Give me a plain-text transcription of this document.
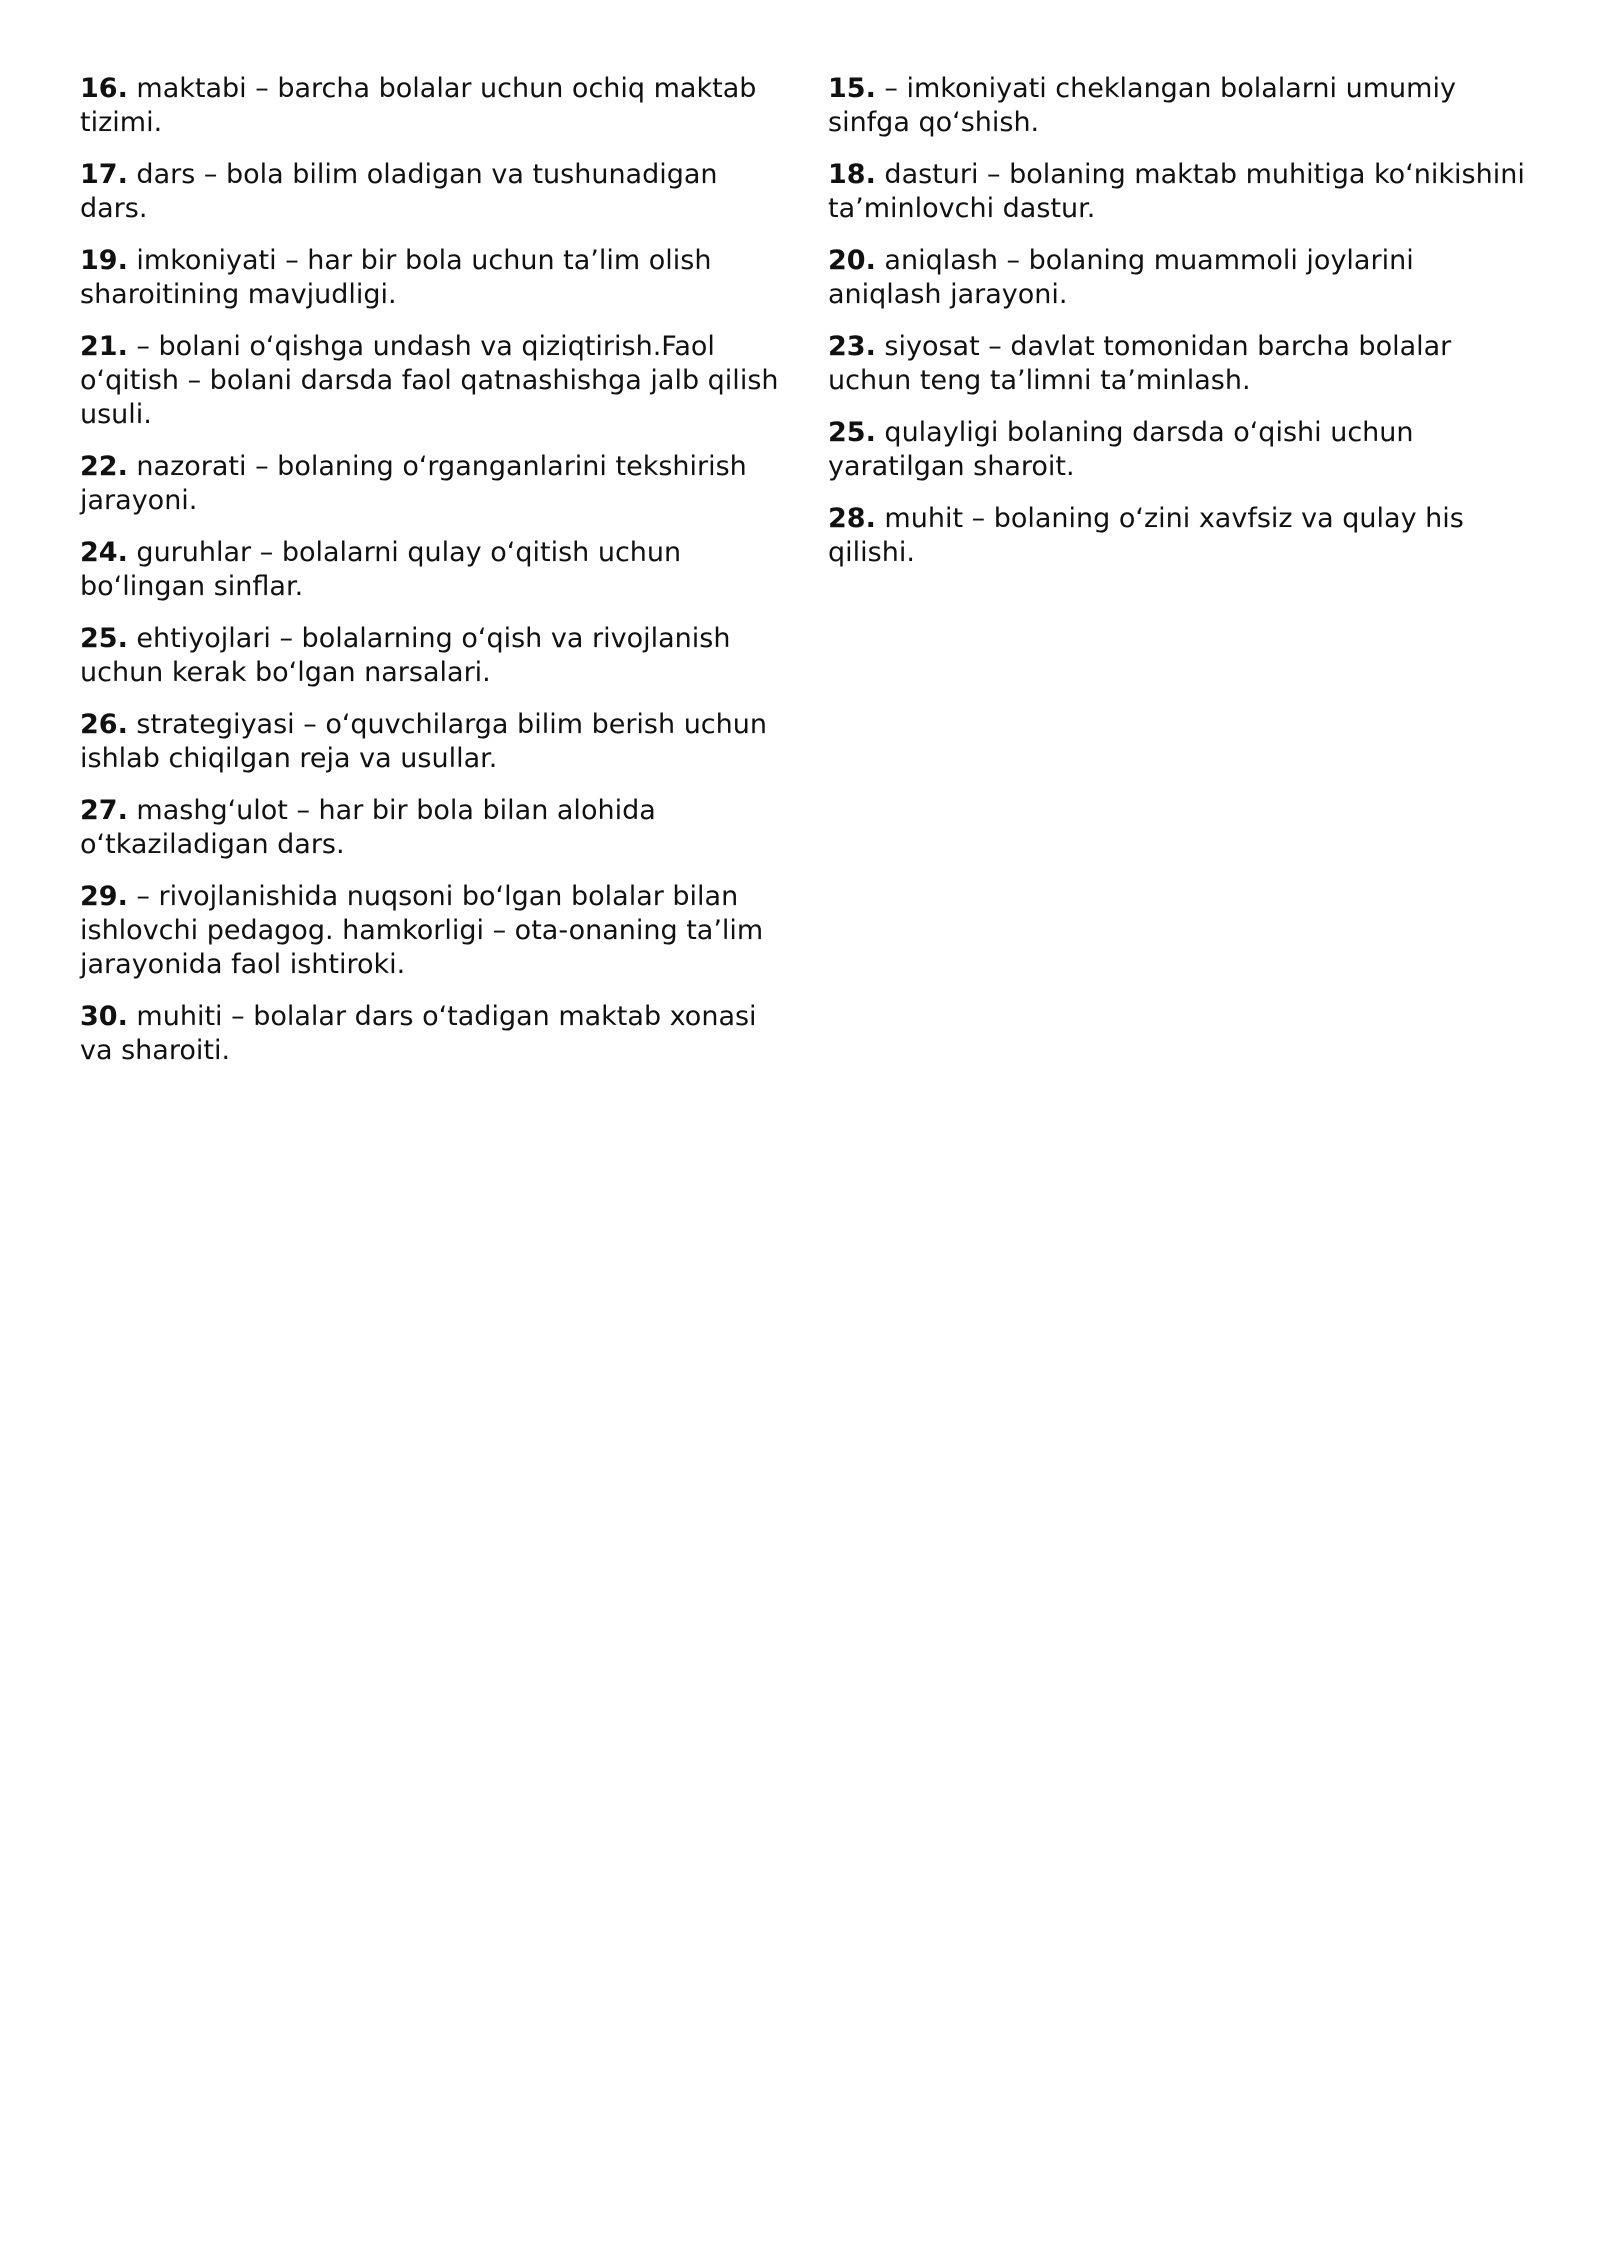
16. maktabi – barcha bolalar uchun ochiq maktab tizimi.

17. dars – bola bilim oladigan va tushunadigan dars.

19. imkoniyati – har bir bola uchun ta’lim olish sharoitining mavjudligi.

21. – bolani o‘qishga undash va qiziqtirish.Faol o‘qitish – bolani darsda faol qatnashishga jalb qilish usuli.

22. nazorati – bolaning o‘rganganlarini tekshirish jarayoni.

24. guruhlar – bolalarni qulay o‘qitish uchun bo‘lingan sinflar.

25. ehtiyojlari – bolalarning o‘qish va rivojlanish uchun kerak bo‘lgan narsalari.

26. strategiyasi – o‘quvchilarga bilim berish uchun ishlab chiqilgan reja va usullar.

27. mashg‘ulot – har bir bola bilan alohida o‘tkaziladigan dars.

29. – rivojlanishida nuqsoni bo‘lgan bolalar bilan ishlovchi pedagog. hamkorligi – ota-onaning ta’lim jarayonida faol ishtiroki.

30. muhiti – bolalar dars o‘tadigan maktab xonasi va sharoiti.

15. – imkoniyati cheklangan bolalarni umumiy sinfga qo‘shish.

18. dasturi – bolaning maktab muhitiga ko‘nikishini ta’minlovchi dastur.

20. aniqlash – bolaning muammoli joylarini aniqlash jarayoni.

23. siyosat – davlat tomonidan barcha bolalar uchun teng ta’limni ta’minlash.

25. qulayligi bolaning darsda o‘qishi uchun yaratilgan sharoit.

28. muhit – bolaning o‘zini xavfsiz va qulay his qilishi.
